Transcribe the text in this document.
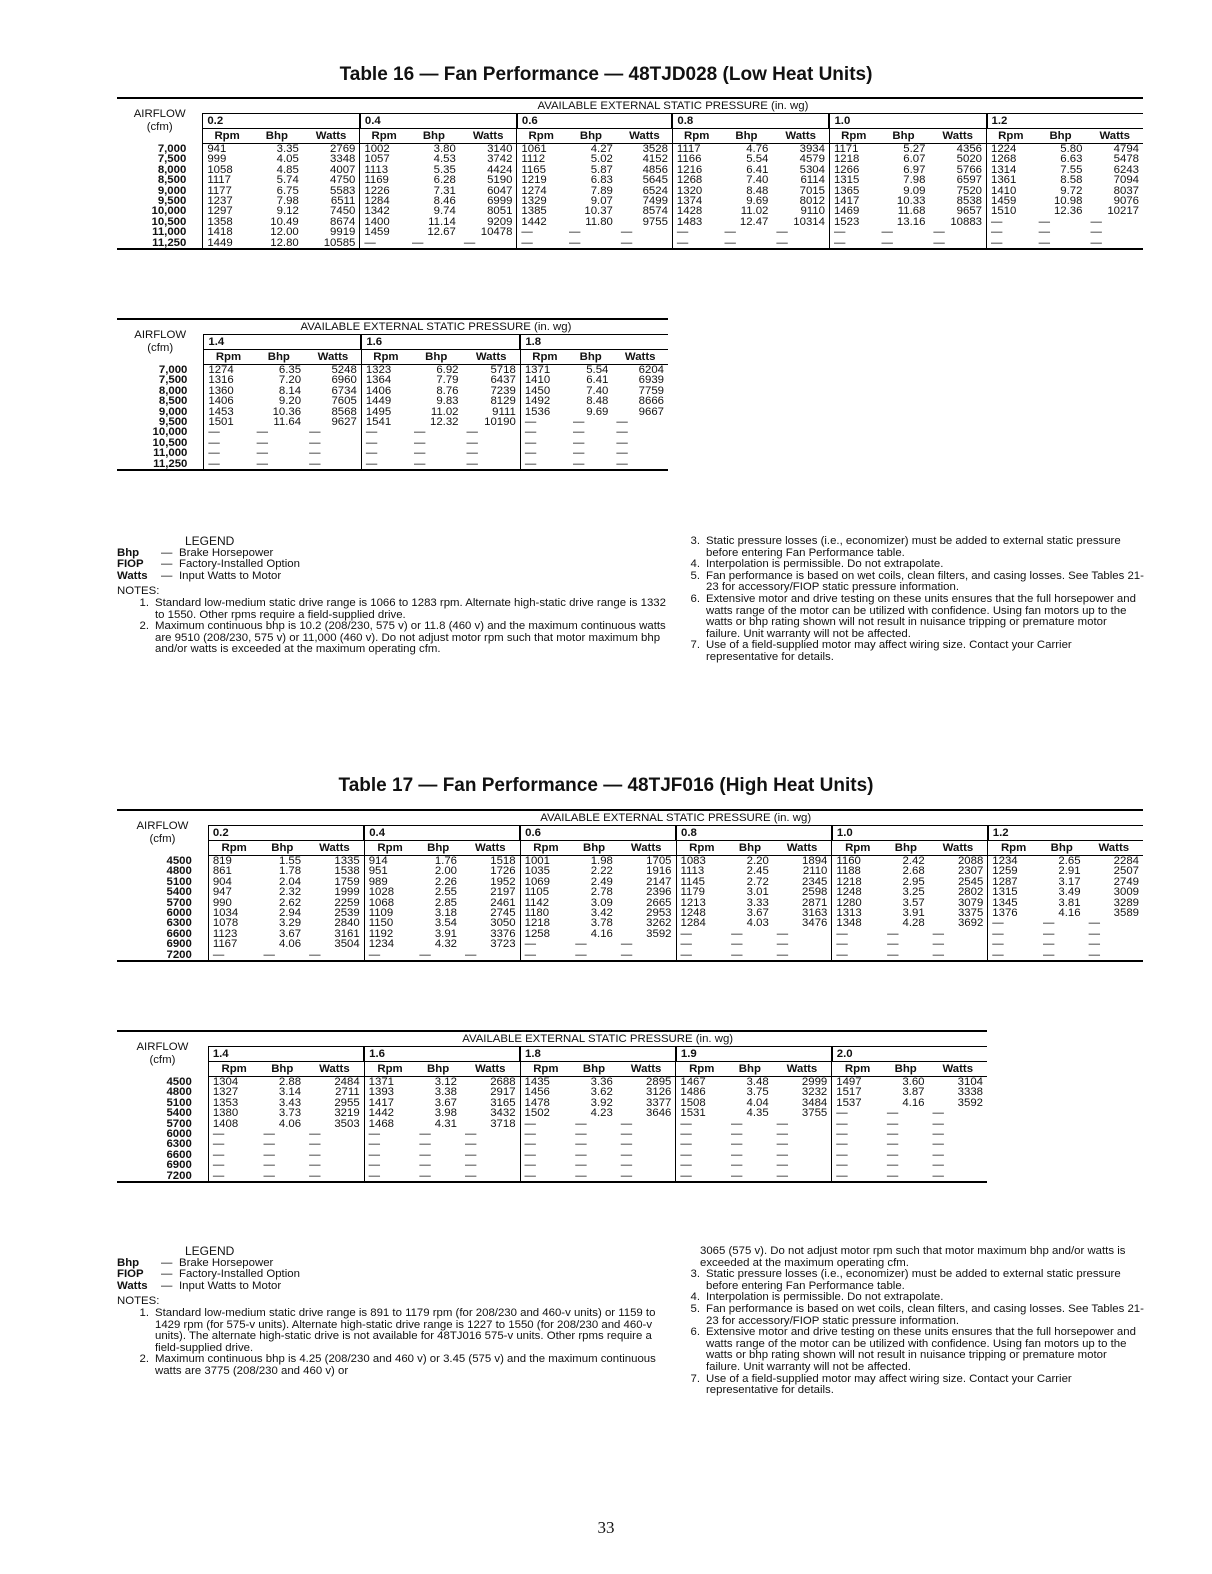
Table 16 — Fan Performance — 48TJD028 (Low Heat Units)
AIRFLOW
(cfm)	AVAILABLE EXTERNAL STATIC PRESSURE (in. wg)																	
	0.2			0.4			0.6			0.8			1.0			1.2		
	Rpm	Bhp	Watts	Rpm	Bhp	Watts	Rpm	Bhp	Watts	Rpm	Bhp	Watts	Rpm	Bhp	Watts	Rpm	Bhp	Watts
7,000	941	3.35	2769	1002	3.80	3140	1061	4.27	3528	1117	4.76	3934	1171	5.27	4356	1224	5.80	4794
7,500	999	4.05	3348	1057	4.53	3742	1112	5.02	4152	1166	5.54	4579	1218	6.07	5020	1268	6.63	5478
8,000	1058	4.85	4007	1113	5.35	4424	1165	5.87	4856	1216	6.41	5304	1266	6.97	5766	1314	7.55	6243
8,500	1117	5.74	4750	1169	6.28	5190	1219	6.83	5645	1268	7.40	6114	1315	7.98	6597	1361	8.58	7094
9,000	1177	6.75	5583	1226	7.31	6047	1274	7.89	6524	1320	8.48	7015	1365	9.09	7520	1410	9.72	8037
9,500	1237	7.98	6511	1284	8.46	6999	1329	9.07	7499	1374	9.69	8012	1417	10.33	8538	1459	10.98	9076
10,000	1297	9.12	7450	1342	9.74	8051	1385	10.37	8574	1428	11.02	9110	1469	11.68	9657	1510	12.36	10217
10,500	1358	10.49	8674	1400	11.14	9209	1442	11.80	9755	1483	12.47	10314	1523	13.16	10883	—	—	—
11,000	1418	12.00	9919	1459	12.67	10478	—	—	—	—	—	—	—	—	—	—	—	—
11,250	1449	12.80	10585	—	—	—	—	—	—	—	—	—	—	—	—	—	—	—
AIRFLOW
(cfm)	AVAILABLE EXTERNAL STATIC PRESSURE (in. wg)								
	1.4			1.6			1.8		
	Rpm	Bhp	Watts	Rpm	Bhp	Watts	Rpm	Bhp	Watts
7,000	1274	6.35	5248	1323	6.92	5718	1371	5.54	6204
7,500	1316	7.20	6960	1364	7.79	6437	1410	6.41	6939
8,000	1360	8.14	6734	1406	8.76	7239	1450	7.40	7759
8,500	1406	9.20	7605	1449	9.83	8129	1492	8.48	8666
9,000	1453	10.36	8568	1495	11.02	9111	1536	9.69	9667
9,500	1501	11.64	9627	1541	12.32	10190	—	—	—
10,000	—	—	—	—	—	—	—	—	—
10,500	—	—	—	—	—	—	—	—	—
11,000	—	—	—	—	—	—	—	—	—
11,250	—	—	—	—	—	—	—	—	—
LEGEND
Bhp	— Brake Horsepower
FIOP	— Factory-Installed Option
Watts	— Input Watts to Motor
NOTES:
1. Standard low-medium static drive range is 1066 to 1283 rpm. Alternate high-static drive range is 1332 to 1550. Other rpms require a field-supplied drive.
2. Maximum continuous bhp is 10.2 (208/230, 575 v) or 11.8 (460 v) and the maximum continuous watts are 9510 (208/230, 575 v) or 11,000 (460 v). Do not adjust motor rpm such that motor maximum bhp and/or watts is exceeded at the maximum operating cfm.
3. Static pressure losses (i.e., economizer) must be added to external static pressure before entering Fan Performance table.
4. Interpolation is permissible. Do not extrapolate.
5. Fan performance is based on wet coils, clean filters, and casing losses. See Tables 21-23 for accessory/FIOP static pressure information.
6. Extensive motor and drive testing on these units ensures that the full horsepower and watts range of the motor can be utilized with confidence. Using fan motors up to the watts or bhp rating shown will not result in nuisance tripping or premature motor failure. Unit warranty will not be affected.
7. Use of a field-supplied motor may affect wiring size. Contact your Carrier representative for details.
Table 17 — Fan Performance — 48TJF016 (High Heat Units)
AIRFLOW
(cfm)	AVAILABLE EXTERNAL STATIC PRESSURE (in. wg)																	
	0.2			0.4			0.6			0.8			1.0			1.2		
	Rpm	Bhp	Watts	Rpm	Bhp	Watts	Rpm	Bhp	Watts	Rpm	Bhp	Watts	Rpm	Bhp	Watts	Rpm	Bhp	Watts
4500	819	1.55	1335	914	1.76	1518	1001	1.98	1705	1083	2.20	1894	1160	2.42	2088	1234	2.65	2284
4800	861	1.78	1538	951	2.00	1726	1035	2.22	1916	1113	2.45	2110	1188	2.68	2307	1259	2.91	2507
5100	904	2.04	1759	989	2.26	1952	1069	2.49	2147	1145	2.72	2345	1218	2.95	2545	1287	3.17	2749
5400	947	2.32	1999	1028	2.55	2197	1105	2.78	2396	1179	3.01	2598	1248	3.25	2802	1315	3.49	3009
5700	990	2.62	2259	1068	2.85	2461	1142	3.09	2665	1213	3.33	2871	1280	3.57	3079	1345	3.81	3289
6000	1034	2.94	2539	1109	3.18	2745	1180	3.42	2953	1248	3.67	3163	1313	3.91	3375	1376	4.16	3589
6300	1078	3.29	2840	1150	3.54	3050	1218	3.78	3262	1284	4.03	3476	1348	4.28	3692	—	—	—
6600	1123	3.67	3161	1192	3.91	3376	1258	4.16	3592	—	—	—	—	—	—	—	—	—
6900	1167	4.06	3504	1234	4.32	3723	—	—	—	—	—	—	—	—	—	—	—	—
7200	—	—	—	—	—	—	—	—	—	—	—	—	—	—	—	—	—	—
AIRFLOW
(cfm)	AVAILABLE EXTERNAL STATIC PRESSURE (in. wg)														
	1.4			1.6			1.8			1.9			2.0		
	Rpm	Bhp	Watts	Rpm	Bhp	Watts	Rpm	Bhp	Watts	Rpm	Bhp	Watts	Rpm	Bhp	Watts
4500	1304	2.88	2484	1371	3.12	2688	1435	3.36	2895	1467	3.48	2999	1497	3.60	3104
4800	1327	3.14	2711	1393	3.38	2917	1456	3.62	3126	1486	3.75	3232	1517	3.87	3338
5100	1353	3.43	2955	1417	3.67	3165	1478	3.92	3377	1508	4.04	3484	1537	4.16	3592
5400	1380	3.73	3219	1442	3.98	3432	1502	4.23	3646	1531	4.35	3755	—	—	—
5700	1408	4.06	3503	1468	4.31	3718	—	—	—	—	—	—	—	—	—
6000	—	—	—	—	—	—	—	—	—	—	—	—	—	—	—
6300	—	—	—	—	—	—	—	—	—	—	—	—	—	—	—
6600	—	—	—	—	—	—	—	—	—	—	—	—	—	—	—
6900	—	—	—	—	—	—	—	—	—	—	—	—	—	—	—
7200	—	—	—	—	—	—	—	—	—	—	—	—	—	—	—
LEGEND
Bhp	— Brake Horsepower
FIOP	— Factory-Installed Option
Watts	— Input Watts to Motor
NOTES:
1. Standard low-medium static drive range is 891 to 1179 rpm (for 208/230 and 460-v units) or 1159 to 1429 rpm (for 575-v units). Alternate high-static drive range is 1227 to 1550 (for 208/230 and 460-v units). The alternate high-static drive is not available for 48TJ016 575-v units. Other rpms require a field-supplied drive.
2. Maximum continuous bhp is 4.25 (208/230 and 460 v) or 3.45 (575 v) and the maximum continuous watts are 3775 (208/230 and 460 v) or
3065 (575 v). Do not adjust motor rpm such that motor maximum bhp and/or watts is exceeded at the maximum operating cfm.
3. Static pressure losses (i.e., economizer) must be added to external static pressure before entering Fan Performance table.
4. Interpolation is permissible. Do not extrapolate.
5. Fan performance is based on wet coils, clean filters, and casing losses. See Tables 21-23 for accessory/FIOP static pressure information.
6. Extensive motor and drive testing on these units ensures that the full horsepower and watts range of the motor can be utilized with confidence. Using fan motors up to the watts or bhp rating shown will not result in nuisance tripping or premature motor failure. Unit warranty will not be affected.
7. Use of a field-supplied motor may affect wiring size. Contact your Carrier representative for details.
33
